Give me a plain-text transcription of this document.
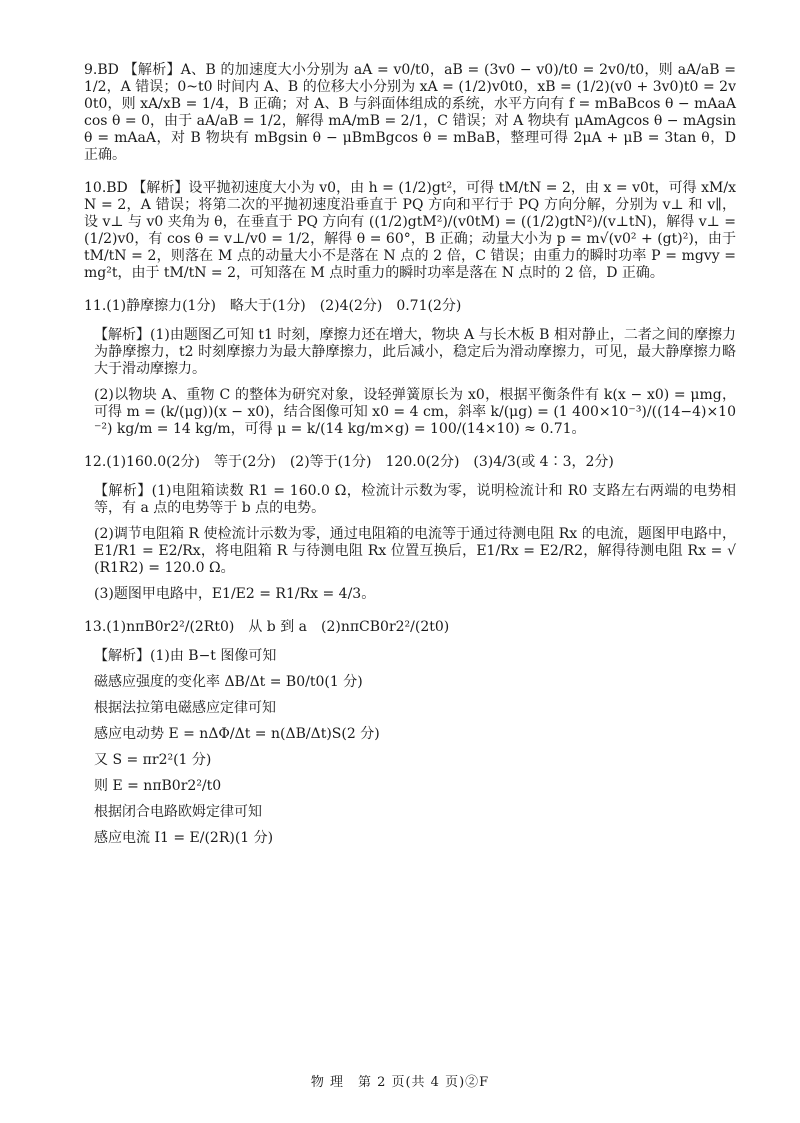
9.BD 【解析】A、B 的加速度大小分别为 aA = v0/t0，aB = (3v0 − v0)/t0 = 2v0/t0，则 aA/aB = 1/2，A 错误；0~t0 时间内 A、B 的位移大小分别为 xA = (1/2)v0t0，xB = (1/2)(v0 + 3v0)t0 = 2v0t0，则 xA/xB = 1/4，B 正确；对 A、B 与斜面体组成的系统，水平方向有 f = mBaBcos θ − mAaAcos θ = 0，由于 aA/aB = 1/2，解得 mA/mB = 2/1，C 错误；对 A 物块有 μAmAgcos θ − mAgsin θ = mAaA，对 B 物块有 mBgsin θ − μBmBgcos θ = mBaB，整理可得 2μA + μB = 3tan θ，D 正确。
10.BD 【解析】设平抛初速度大小为 v0，由 h = (1/2)gt²，可得 tM/tN = 2，由 x = v0t，可得 xM/xN = 2，A 错误；将第二次的平抛初速度沿垂直于 PQ 方向和平行于 PQ 方向分解，分别为 v⊥ 和 v∥，设 v⊥ 与 v0 夹角为 θ，在垂直于 PQ 方向有 ((1/2)gtM²)/(v0tM) = ((1/2)gtN²)/(v⊥tN)，解得 v⊥ = (1/2)v0，有 cos θ = v⊥/v0 = 1/2，解得 θ = 60°，B 正确；动量大小为 p = m√(v0² + (gt)²)，由于 tM/tN = 2，则落在 M 点的动量大小不是落在 N 点的 2 倍，C 错误；由重力的瞬时功率 P = mgvy = mg²t，由于 tM/tN = 2，可知落在 M 点时重力的瞬时功率是落在 N 点时的 2 倍，D 正确。
11.(1)静摩擦力(1分)　略大于(1分)　(2)4(2分)　0.71(2分)
【解析】(1)由题图乙可知 t1 时刻，摩擦力还在增大，物块 A 与长木板 B 相对静止，二者之间的摩擦力为静摩擦力，t2 时刻摩擦力为最大静摩擦力，此后减小，稳定后为滑动摩擦力，可见，最大静摩擦力略大于滑动摩擦力。
(2)以物块 A、重物 C 的整体为研究对象，设轻弹簧原长为 x0，根据平衡条件有 k(x − x0) = μmg，可得 m = (k/(μg))(x − x0)，结合图像可知 x0 = 4 cm，斜率 k/(μg) = (1 400×10⁻³)/((14−4)×10⁻²) kg/m = 14 kg/m，可得 μ = k/(14 kg/m×g) = 100/(14×10) ≈ 0.71。
12.(1)160.0(2分)　等于(2分)　(2)等于(1分)　120.0(2分)　(3)4/3(或 4∶3，2分)
【解析】(1)电阻箱读数 R1 = 160.0 Ω，检流计示数为零，说明检流计和 R0 支路左右两端的电势相等，有 a 点的电势等于 b 点的电势。
(2)调节电阻箱 R 使检流计示数为零，通过电阻箱的电流等于通过待测电阻 Rx 的电流，题图甲电路中，E1/R1 = E2/Rx，将电阻箱 R 与待测电阻 Rx 位置互换后，E1/Rx = E2/R2，解得待测电阻 Rx = √(R1R2) = 120.0 Ω。
(3)题图甲电路中，E1/E2 = R1/Rx = 4/3。
13.(1)nπB0r2²/(2Rt0)　从 b 到 a　(2)nπCB0r2²/(2t0)
【解析】(1)由 B−t 图像可知
磁感应强度的变化率 ΔB/Δt = B0/t0(1 分)
根据法拉第电磁感应定律可知
感应电动势 E = nΔΦ/Δt = n(ΔB/Δt)S(2 分)
又 S = πr2²(1 分)
则 E = nπB0r2²/t0
根据闭合电路欧姆定律可知
感应电流 I1 = E/(2R)(1 分)
物 理　第 2 页(共 4 页)②F
